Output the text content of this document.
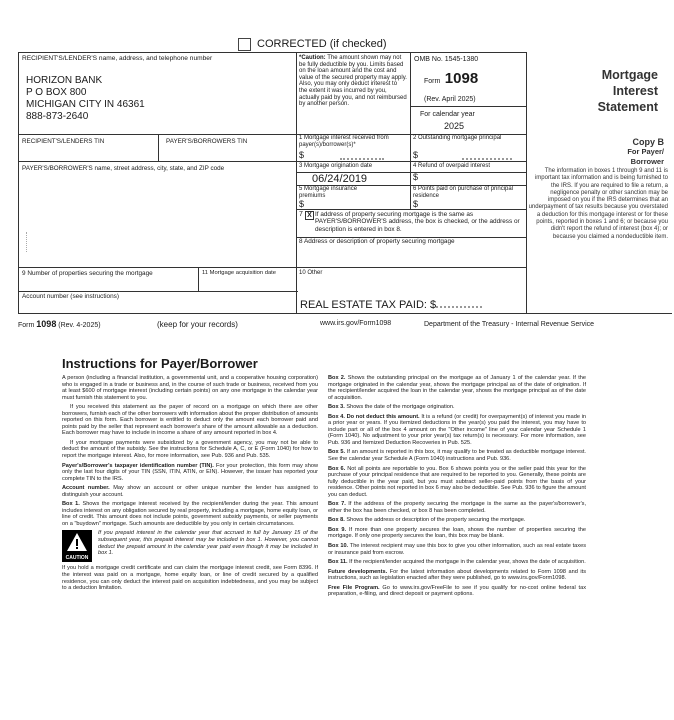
CORRECTED (if checked)
RECIPIENT'S/LENDER'S name, address, and telephone number
HORIZON BANK
P O BOX 800
MICHIGAN CITY IN 46361
888-873-2640
*Caution: The amount shown may not be fully deductible by you. Limits based on the loan amount and the cost and value of the secured property may apply. Also, you may only deduct interest to the extent it was incurred by you, actually paid by you, and not reimbursed by another person.
OMB No. 1545-1380
Form 1098
(Rev. April 2025)
For calendar year
2025
Mortgage
Interest
Statement
RECIPIENT'S/LENDERS TIN	PAYER'S/BORROWERS TIN	1 Mortgage interest received from payer(s)/borrower(s)*
$
2 Outstanding mortgage principal
$
Copy B
For Payer/
Borrower
The information in boxes 1 through 9 and 11 is important tax information and is being furnished to the IRS. If you are required to file a return, a negligence penalty or other sanction may be imposed on you if the IRS determines that an underpayment of tax results because you overstated a deduction for this mortgage interest or for these points, reported in boxes 1 and 6; or because you didn't report the refund of interest (box 4); or because you claimed a nondeductible item.
PAYER'S/BORROWER'S name, street address, city, state, and ZIP code	3 Mortgage origination date
06/24/2019
4 Refund of overpaid interest
$
5 Mortgage insurance premiums
$
6 Points paid on purchase of principal residence
$
7 X If address of property securing mortgage is the same as PAYER'S/BORROWER'S address, the box is checked, or the address or description is entered in box 8.
8 Address or description of property securing mortgage
9 Number of properties securing the mortgage	11 Mortgage acquisition date	10 Other
Account number (see instructions)
REAL ESTATE TAX PAID: $
Form 1098 (Rev. 4-2025)	(keep for your records)	www.irs.gov/Form1098	Department of the Treasury - Internal Revenue Service
Instructions for Payer/Borrower

A person (including a financial institution, a governmental unit, and a cooperative housing corporation) who is engaged in a trade or business and, in the course of such trade or business, received from you at least $600 of mortgage interest (including certain points) on any one mortgage in the calendar year must furnish this statement to you.

If you received this statement as the payer of record on a mortgage on which there are other borrowers, furnish each of the other borrowers with information about the proper distribution of amounts reported on this form. Each borrower is entitled to deduct only the amount each borrower paid and points paid by the seller that represent each borrower's share of the amount allowable as a deduction. Each borrower may have to include in income a share of any amount reported in box 4.

If your mortgage payments were subsidized by a government agency, you may not be able to deduct the amount of the subsidy. See the instructions for Schedule A, C, or E (Form 1040) for how to report the mortgage interest. Also, for more information, see Pub. 936 and Pub. 535.

Payer's/Borrower's taxpayer identification number (TIN). For your protection, this form may show only the last four digits of your TIN (SSN, ITIN, ATIN, or EIN). However, the issuer has reported your complete TIN to the IRS.

Account number. May show an account or other unique number the lender has assigned to distinguish your account.

Box 1. Shows the mortgage interest received by the recipient/lender during the year. This amount includes interest on any obligation secured by real property, including a mortgage, home equity loan, or line of credit. This amount does not include points, government subsidy payments, or seller payments on a "buydown" mortgage. Such amounts are deductible by you only in certain circumstances.

CAUTION
If you prepaid interest in the calendar year that accrued in full by January 15 of the subsequent year, this prepaid interest may be included in box 1. However, you cannot deduct the prepaid amount in the calendar year paid even though it may be included in box 1.

If you hold a mortgage credit certificate and can claim the mortgage interest credit, see Form 8396. If the interest was paid on a mortgage, home equity loan, or line of credit secured by a qualified residence, you can only deduct the interest paid on acquisition indebtedness, and you may be subject to a deduction limitation.

Box 2. Shows the outstanding principal on the mortgage as of January 1 of the calendar year. If the mortgage originated in the calendar year, shows the mortgage principal as of the date of origination. If the recipient/lender acquired the loan in the calendar year, shows the mortgage principal as of the date of acquisition.

Box 3. Shows the date of the mortgage origination.

Box 4. Do not deduct this amount. It is a refund (or credit) for overpayment(s) of interest you made in a prior year or years. If you itemized deductions in the year(s) you paid the interest, you may have to include part or all of the box 4 amount on the "Other income" line of your calendar year Schedule 1 (Form 1040). No adjustment to your prior year(s) tax return(s) is necessary. For more information, see Pub. 936 and Itemized Deduction Recoveries in Pub. 525.

Box 5. If an amount is reported in this box, it may qualify to be treated as deductible mortgage interest. See the calendar year Schedule A (Form 1040) instructions and Pub. 936.

Box 6. Not all points are reportable to you. Box 6 shows points you or the seller paid this year for the purchase of your principal residence that are required to be reported to you. Generally, these points are fully deductible in the year paid, but you must subtract seller-paid points from the basis of your residence. Other points not reported in box 6 may also be deductible. See Pub. 936 to figure the amount you can deduct.

Box 7. If the address of the property securing the mortgage is the same as the payer's/borrower's, either the box has been checked, or box 8 has been completed.

Box 8. Shows the address or description of the property securing the mortgage.

Box 9. If more than one property secures the loan, shows the number of properties securing the mortgage. If only one property secures the loan, this box may be blank.

Box 10. The interest recipient may use this box to give you other information, such as real estate taxes or insurance paid from escrow.

Box 11. If the recipient/lender acquired the mortgage in the calendar year, shows the date of acquisition.

Future developments. For the latest information about developments related to Form 1098 and its instructions, such as legislation enacted after they were published, go to www.irs.gov/Form1098.

Free File Program. Go to www.irs.gov/FreeFile to see if you qualify for no-cost online federal tax preparation, e-filing, and direct deposit or payment options.
